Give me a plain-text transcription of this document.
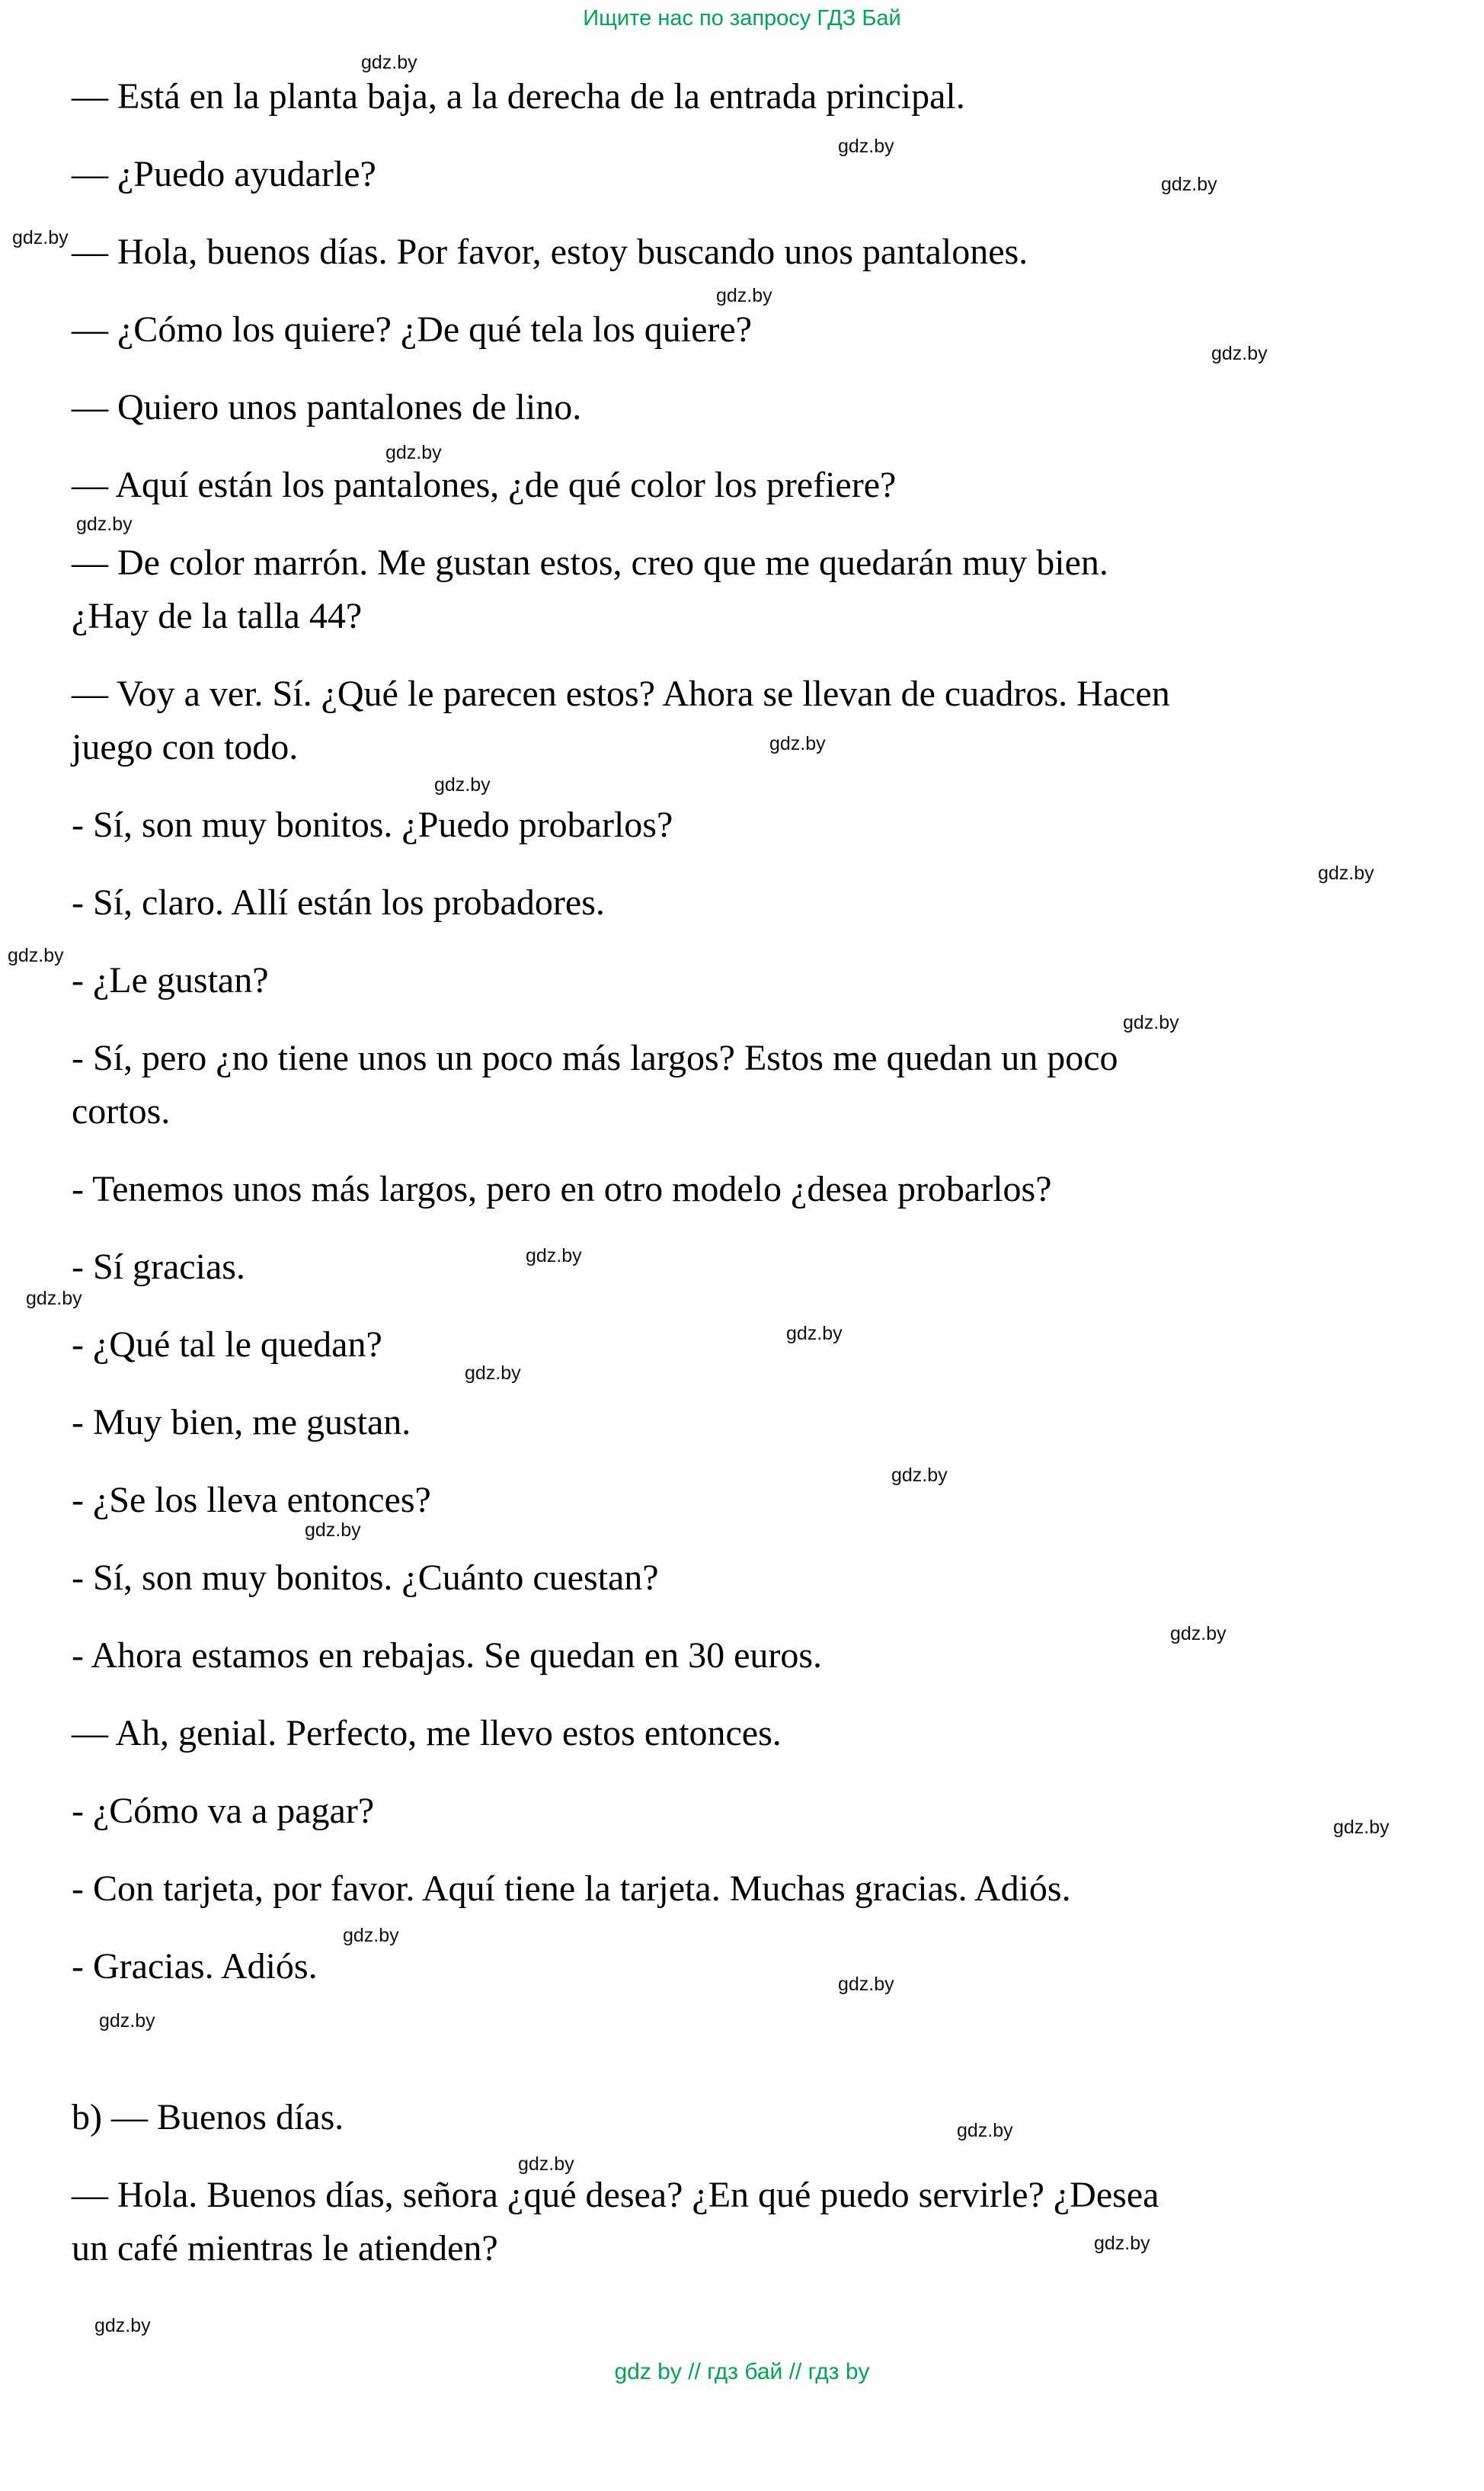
Ищите нас по запросу ГДЗ Бай
— Está en la planta baja, a la derecha de la entrada principal.
— ¿Puedo ayudarle?
— Hola, buenos días. Por favor, estoy buscando unos pantalones.
— ¿Cómo los quiere? ¿De qué tela los quiere?
— Quiero unos pantalones de lino.
— Aquí están los pantalones, ¿de qué color los prefiere?
— De color marrón. Me gustan estos, creo que me quedarán muy bien.
¿Hay de la talla 44?
— Voy a ver. Sí. ¿Qué le parecen estos? Ahora se llevan de cuadros. Hacen
juego con todo.
- Sí, son muy bonitos. ¿Puedo probarlos?
- Sí, claro. Allí están los probadores.
- ¿Le gustan?
- Sí, pero ¿no tiene unos un poco más largos? Estos me quedan un poco
cortos.
- Tenemos unos más largos, pero en otro modelo ¿desea probarlos?
- Sí gracias.
- ¿Qué tal le quedan?
- Muy bien, me gustan.
- ¿Se los lleva entonces?
- Sí, son muy bonitos. ¿Cuánto cuestan?
- Ahora estamos en rebajas. Se quedan en 30 euros.
— Ah, genial. Perfecto, me llevo estos entonces.
- ¿Cómo va a pagar?
- Con tarjeta, por favor. Aquí tiene la tarjeta. Muchas gracias. Adiós.
- Gracias. Adiós.
b) — Buenos días.
— Hola. Buenos días, señora ¿qué desea? ¿En qué puedo servirle? ¿Desea
un café mientras le atienden?
gdz by // гдз бай // гдз by
gdz.by
gdz.by
gdz.by
gdz.by
gdz.by
gdz.by
gdz.by
gdz.by
gdz.by
gdz.by
gdz.by
gdz.by
gdz.by
gdz.by
gdz.by
gdz.by
gdz.by
gdz.by
gdz.by
gdz.by
gdz.by
gdz.by
gdz.by
gdz.by
gdz.by
gdz.by
gdz.by
gdz.by
